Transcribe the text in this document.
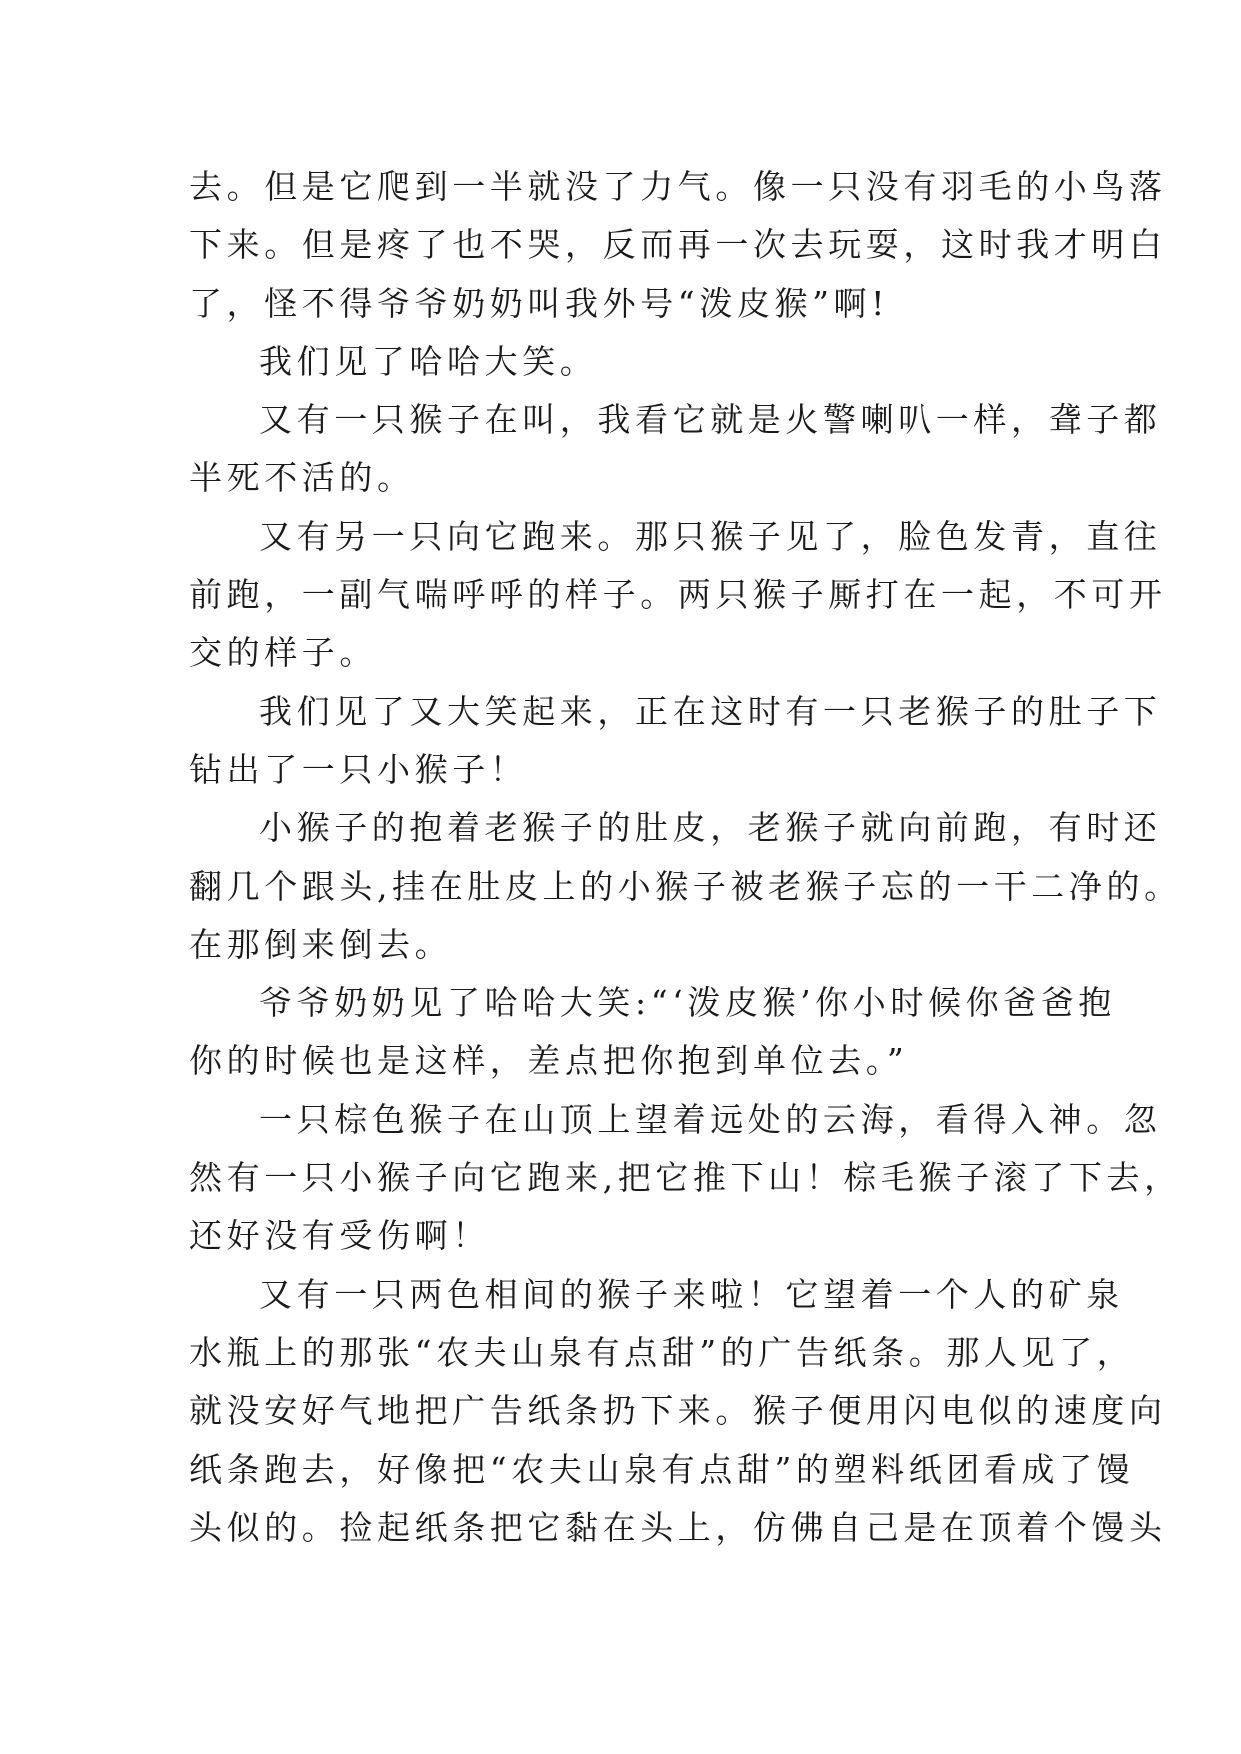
去。但是它爬到一半就没了力气。像一只没有羽毛的小鸟落
下来。但是疼了也不哭，反而再一次去玩耍，这时我才明白
了，怪不得爷爷奶奶叫我外号“泼皮猴”啊!
我们见了哈哈大笑。
又有一只猴子在叫，我看它就是火警喇叭一样，聋子都
半死不活的。
又有另一只向它跑来。那只猴子见了，脸色发青，直往
前跑，一副气喘呼呼的样子。两只猴子厮打在一起，不可开
交的样子。
我们见了又大笑起来，正在这时有一只老猴子的肚子下
钻出了一只小猴子！
小猴子的抱着老猴子的肚皮，老猴子就向前跑，有时还
翻几个跟头,挂在肚皮上的小猴子被老猴子忘的一干二净的。
在那倒来倒去。
爷爷奶奶见了哈哈大笑:“‘泼皮猴’你小时候你爸爸抱
你的时候也是这样，差点把你抱到单位去。”
一只棕色猴子在山顶上望着远处的云海，看得入神。忽
然有一只小猴子向它跑来,把它推下山！棕毛猴子滚了下去，
还好没有受伤啊！
又有一只两色相间的猴子来啦！它望着一个人的矿泉
水瓶上的那张“农夫山泉有点甜”的广告纸条。那人见了，
就没安好气地把广告纸条扔下来。猴子便用闪电似的速度向
纸条跑去，好像把“农夫山泉有点甜”的塑料纸团看成了馒
头似的。捡起纸条把它黏在头上，仿佛自己是在顶着个馒头
